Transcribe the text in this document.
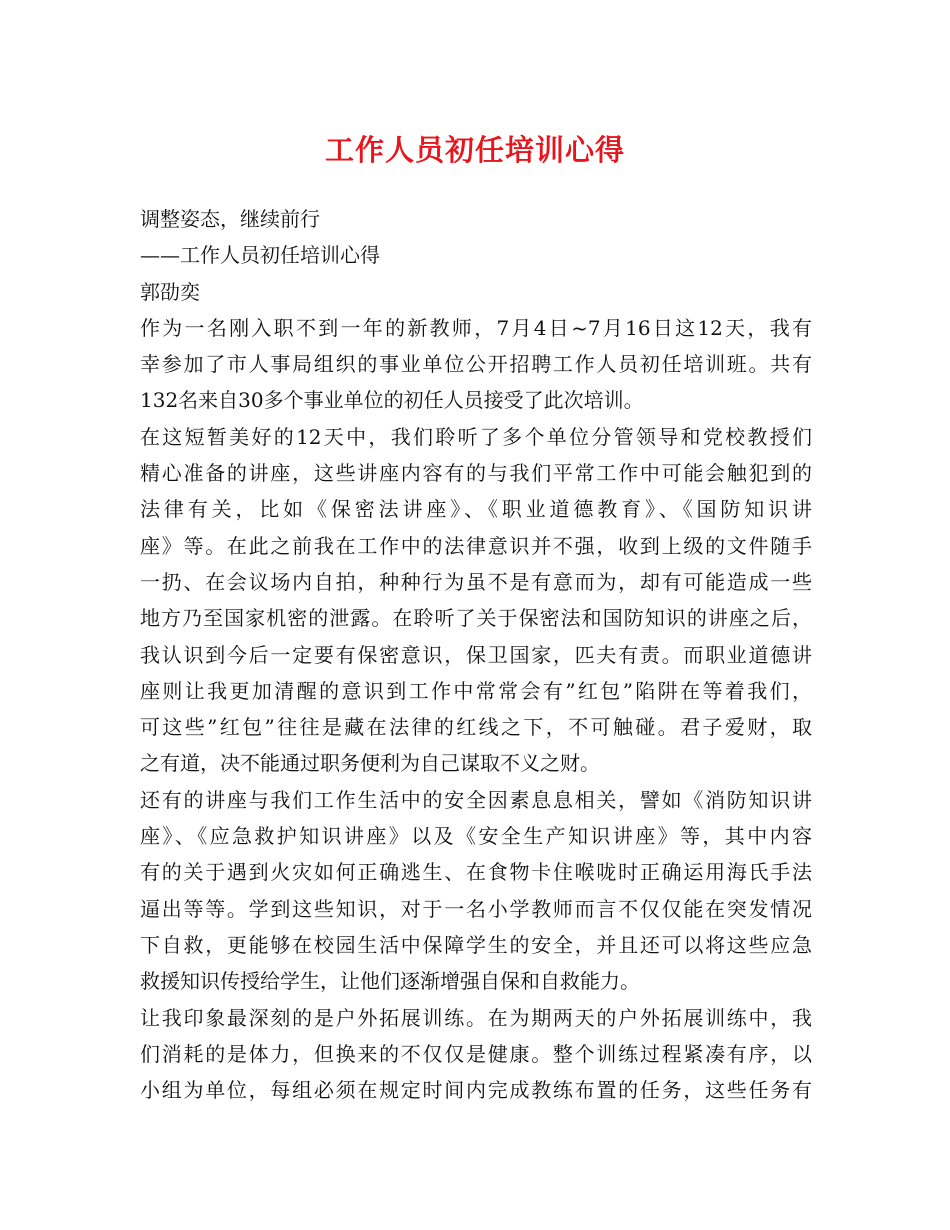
工作人员初任培训心得
调整姿态，继续前行
——工作人员初任培训心得
郭劭奕
作为一名刚入职不到一年的新教师，7月4日~7月16日这12天，我有
幸参加了市人事局组织的事业单位公开招聘工作人员初任培训班。共有
132名来自30多个事业单位的初任人员接受了此次培训。
在这短暂美好的12天中，我们聆听了多个单位分管领导和党校教授们
精心准备的讲座，这些讲座内容有的与我们平常工作中可能会触犯到的
法律有关，比如《保密法讲座》、《职业道德教育》、《国防知识讲
座》等。在此之前我在工作中的法律意识并不强，收到上级的文件随手
一扔、在会议场内自拍，种种行为虽不是有意而为，却有可能造成一些
地方乃至国家机密的泄露。在聆听了关于保密法和国防知识的讲座之后，
我认识到今后一定要有保密意识，保卫国家，匹夫有责。而职业道德讲
座则让我更加清醒的意识到工作中常常会有”红包”陷阱在等着我们，
可这些”红包”往往是藏在法律的红线之下，不可触碰。君子爱财，取
之有道，决不能通过职务便利为自己谋取不义之财。
还有的讲座与我们工作生活中的安全因素息息相关，譬如《消防知识讲
座》、《应急救护知识讲座》以及《安全生产知识讲座》等，其中内容
有的关于遇到火灾如何正确逃生、在食物卡住喉咙时正确运用海氏手法
逼出等等。学到这些知识，对于一名小学教师而言不仅仅能在突发情况
下自救，更能够在校园生活中保障学生的安全，并且还可以将这些应急
救援知识传授给学生，让他们逐渐增强自保和自救能力。
让我印象最深刻的是户外拓展训练。在为期两天的户外拓展训练中，我
们消耗的是体力，但换来的不仅仅是健康。整个训练过程紧凑有序，以
小组为单位，每组必须在规定时间内完成教练布置的任务，这些任务有
